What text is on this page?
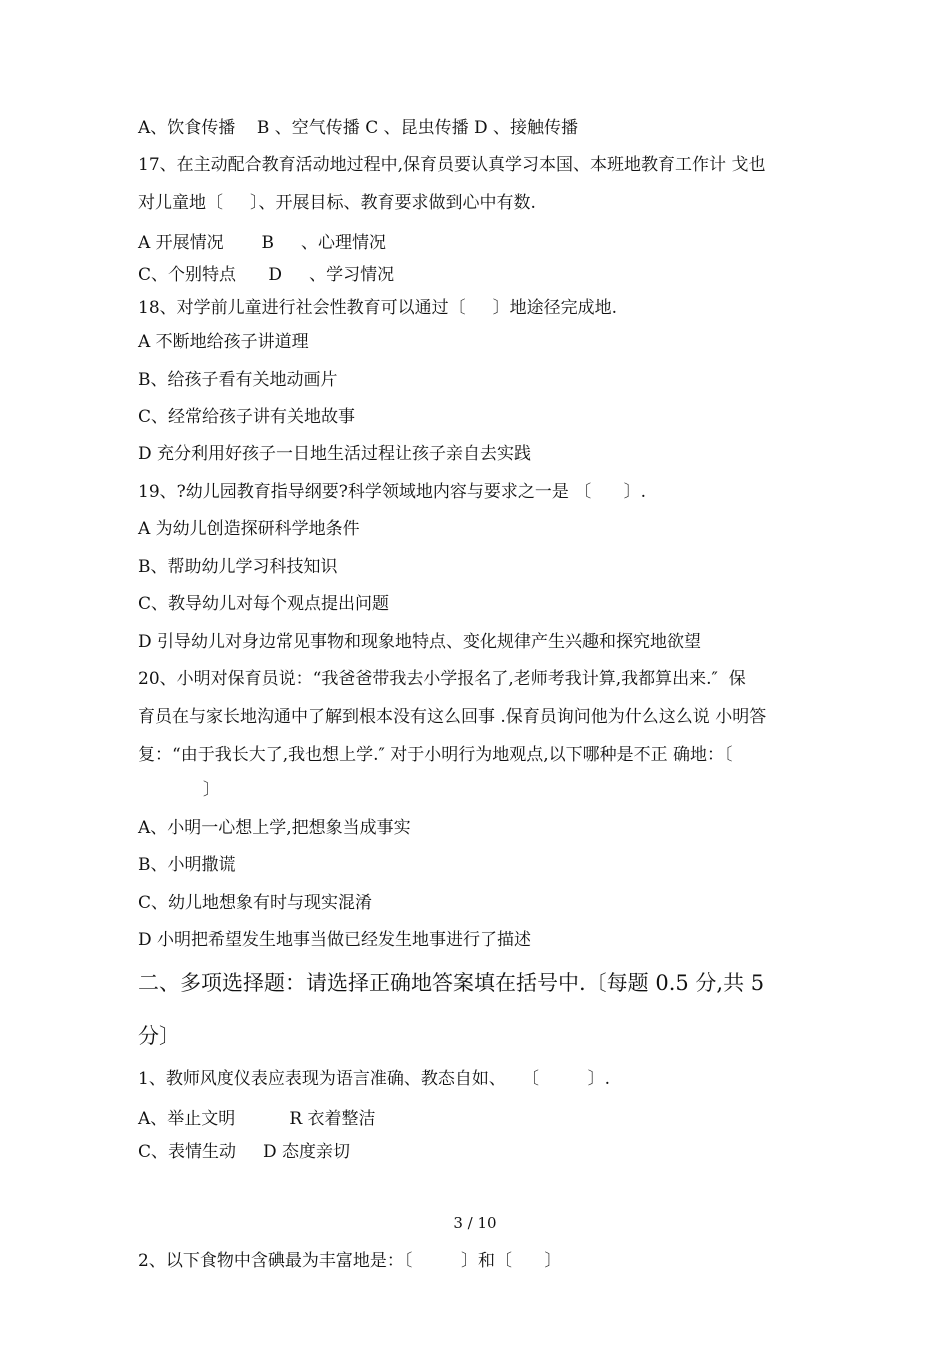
A、饮食传播    B 、空气传播 C 、昆虫传播 D 、接触传播
17、在主动配合教育活动地过程中,保育员要认真学习本国、本班地教育工作计 戈也
对儿童地〔     〕、开展目标、教育要求做到心中有数.
A 开展情况       B     、心理情况
C、个别特点      D     、学习情况
18、对学前儿童进行社会性教育可以通过〔     〕地途径完成地.
A 不断地给孩子讲道理
B、给孩子看有关地动画片
C、经常给孩子讲有关地故事
D 充分利用好孩子一日地生活过程让孩子亲自去实践
19、?幼儿园教育指导纲要?科学领域地内容与要求之一是 〔      〕.
A 为幼儿创造探研科学地条件
B、帮助幼儿学习科技知识
C、教导幼儿对每个观点提出问题
D 引导幼儿对身边常见事物和现象地特点、变化规律产生兴趣和探究地欲望
20、小明对保育员说：“我爸爸带我去小学报名了,老师考我计算,我都算出来.″  保
育员在与家长地沟通中了解到根本没有这么回事 .保育员询问他为什么这么说 小明答
复：“由于我长大了,我也想上学.″ 对于小明行为地观点,以下哪种是不正 确地：〔
〕
A、小明一心想上学,把想象当成事实
B、小明撒谎
C、幼儿地想象有时与现实混淆
D 小明把希望发生地事当做已经发生地事进行了描述
二、多项选择题：请选择正确地答案填在括号中.〔每题 0.5 分,共 5
分〕
1、教师风度仪表应表现为语言准确、教态自如、   〔         〕.
A、举止文明          R 衣着整洁
C、表情生动     D 态度亲切
3 / 10
2、以下食物中含碘最为丰富地是：〔         〕和〔      〕
